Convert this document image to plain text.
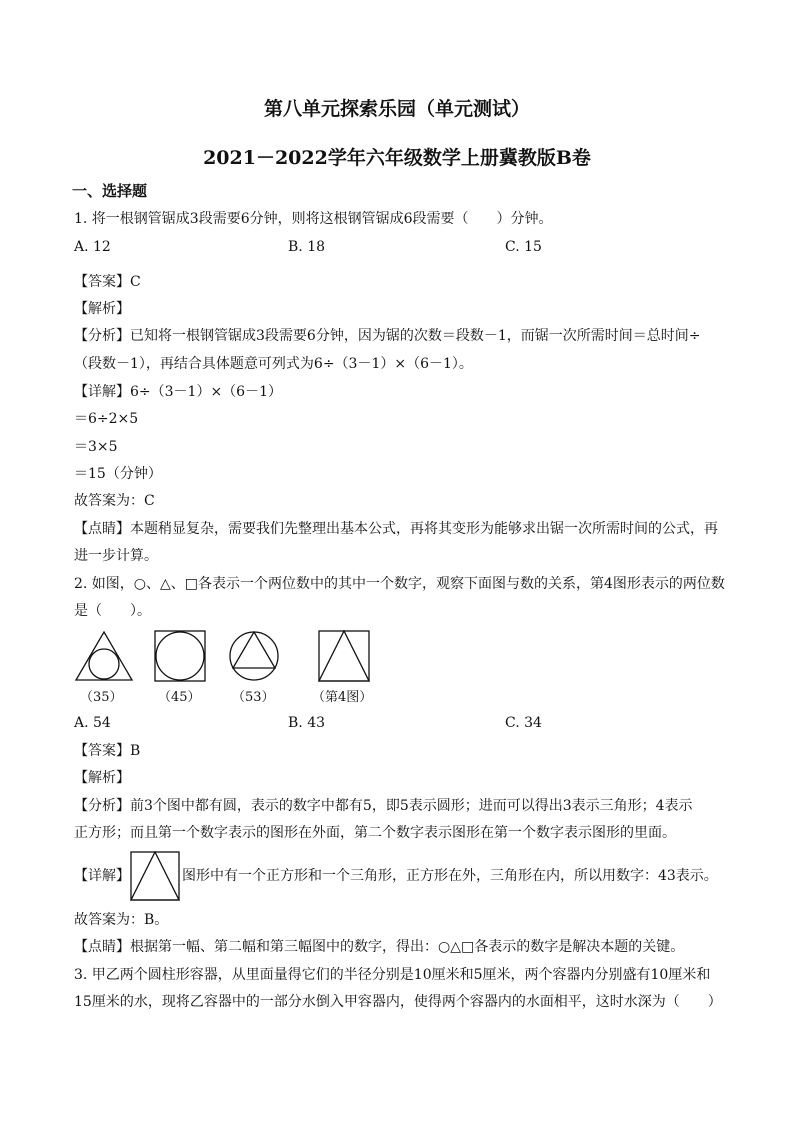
第八单元探索乐园（单元测试）
2021－2022学年六年级数学上册冀教版B卷
一、选择题
1. 将一根钢管锯成3段需要6分钟，则将这根钢管锯成6段需要（　　）分钟。
A. 12	B. 18	C. 15
【答案】C
【解析】
【分析】已知将一根钢管锯成3段需要6分钟，因为锯的次数＝段数－1，而锯一次所需时间＝总时间÷
（段数－1），再结合具体题意可列式为6÷（3－1）×（6－1）。
【详解】6÷（3－1）×（6－1）
＝6÷2×5
＝3×5
＝15（分钟）
故答案为：C
【点睛】本题稍显复杂，需要我们先整理出基本公式，再将其变形为能够求出锯一次所需时间的公式，再
进一步计算。
2. 如图，○、△、□各表示一个两位数中的其中一个数字，观察下面图与数的关系，第4图形表示的两位数
是（　　）。
（35）	（45） （53）	（第4图）
A. 54	B. 43	C. 34
【答案】B
【解析】
【分析】前3个图中都有圆，表示的数字中都有5，即5表示圆形；进而可以得出3表示三角形；4表示
正方形；而且第一个数字表示的图形在外面，第二个数字表示图形在第一个数字表示图形的里面。
【详解】	图形中有一个正方形和一个三角形，正方形在外，三角形在内，所以用数字：43表示。
故答案为：B。
【点睛】根据第一幅、第二幅和第三幅图中的数字，得出：○△□各表示的数字是解决本题的关键。
3. 甲乙两个圆柱形容器，从里面量得它们的半径分别是10厘米和5厘米，两个容器内分别盛有10厘米和
15厘米的水，现将乙容器中的一部分水倒入甲容器内，使得两个容器内的水面相平，这时水深为（　　）
